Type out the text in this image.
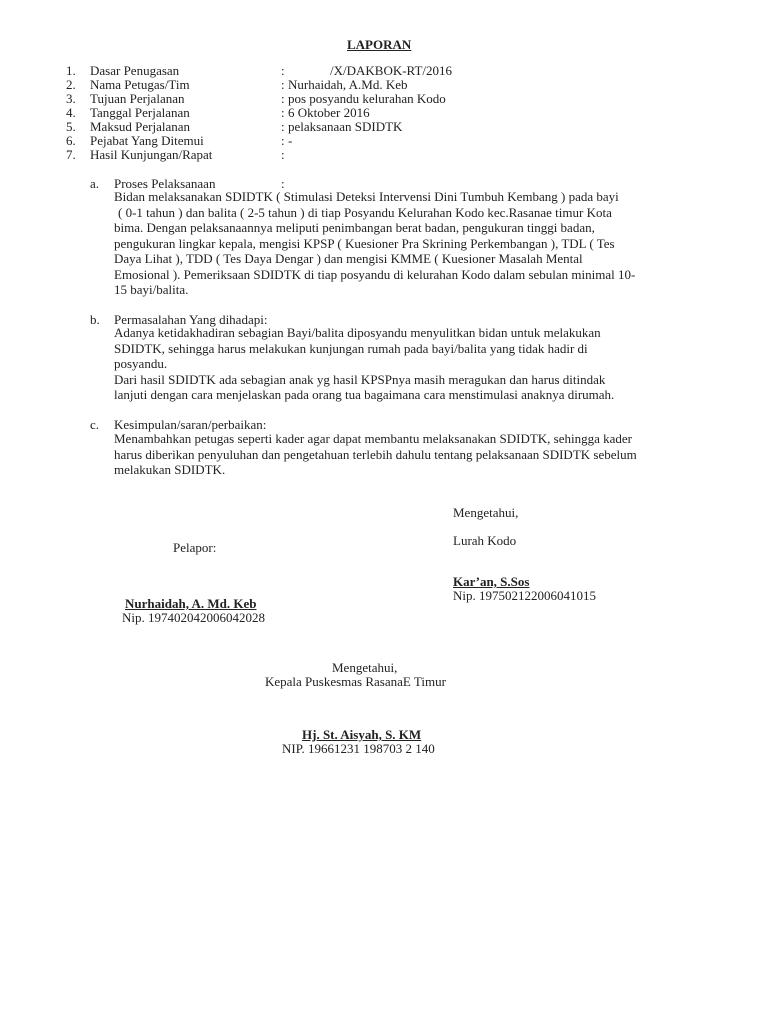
LAPORAN
1. Dasar Penugasan	:	/X/DAKBOK-RT/2016
2. Nama Petugas/Tim	: Nurhaidah, A.Md. Keb
3. Tujuan Perjalanan	: pos posyandu kelurahan Kodo
4. Tanggal Perjalanan	: 6 Oktober 2016
5. Maksud Perjalanan	: pelaksanaan SDIDTK
6. Pejabat Yang Ditemui	: -
7. Hasil Kunjungan/Rapat	:
a. Proses Pelaksanaan	:
Bidan melaksanakan SDIDTK ( Stimulasi Deteksi Intervensi Dini Tumbuh Kembang ) pada bayi
( 0-1 tahun ) dan balita ( 2-5 tahun ) di tiap Posyandu Kelurahan Kodo kec.Rasanae timur Kota
bima. Dengan pelaksanaannya meliputi penimbangan berat badan, pengukuran tinggi badan,
pengukuran lingkar kepala, mengisi KPSP ( Kuesioner Pra Skrining Perkembangan ), TDL ( Tes
Daya Lihat ), TDD ( Tes Daya Dengar ) dan mengisi KMME ( Kuesioner Masalah Mental
Emosional ). Pemeriksaan SDIDTK di tiap posyandu di kelurahan Kodo dalam sebulan minimal 10-
15 bayi/balita.
b. Permasalahan Yang dihadapi:
Adanya ketidakhadiran sebagian Bayi/balita diposyandu menyulitkan bidan untuk melakukan
SDIDTK, sehingga harus melakukan kunjungan rumah pada bayi/balita yang tidak hadir di
posyandu.
Dari hasil SDIDTK ada sebagian anak yg hasil KPSPnya masih meragukan dan harus ditindak
lanjuti dengan cara menjelaskan pada orang tua bagaimana cara menstimulasi anaknya dirumah.
c. Kesimpulan/saran/perbaikan:
Menambahkan petugas seperti kader agar dapat membantu melaksanakan SDIDTK, sehingga kader
harus diberikan penyuluhan dan pengetahuan terlebih dahulu tentang pelaksanaan SDIDTK sebelum
melakukan SDIDTK.
Mengetahui,
Lurah Kodo
Kar’an, S.Sos
Nip. 197502122006041015
Pelapor:
Nurhaidah, A. Md. Keb
Nip. 197402042006042028
Mengetahui,
Kepala Puskesmas RasanaE Timur
Hj. St. Aisyah, S. KM
NIP. 19661231 198703 2 140
